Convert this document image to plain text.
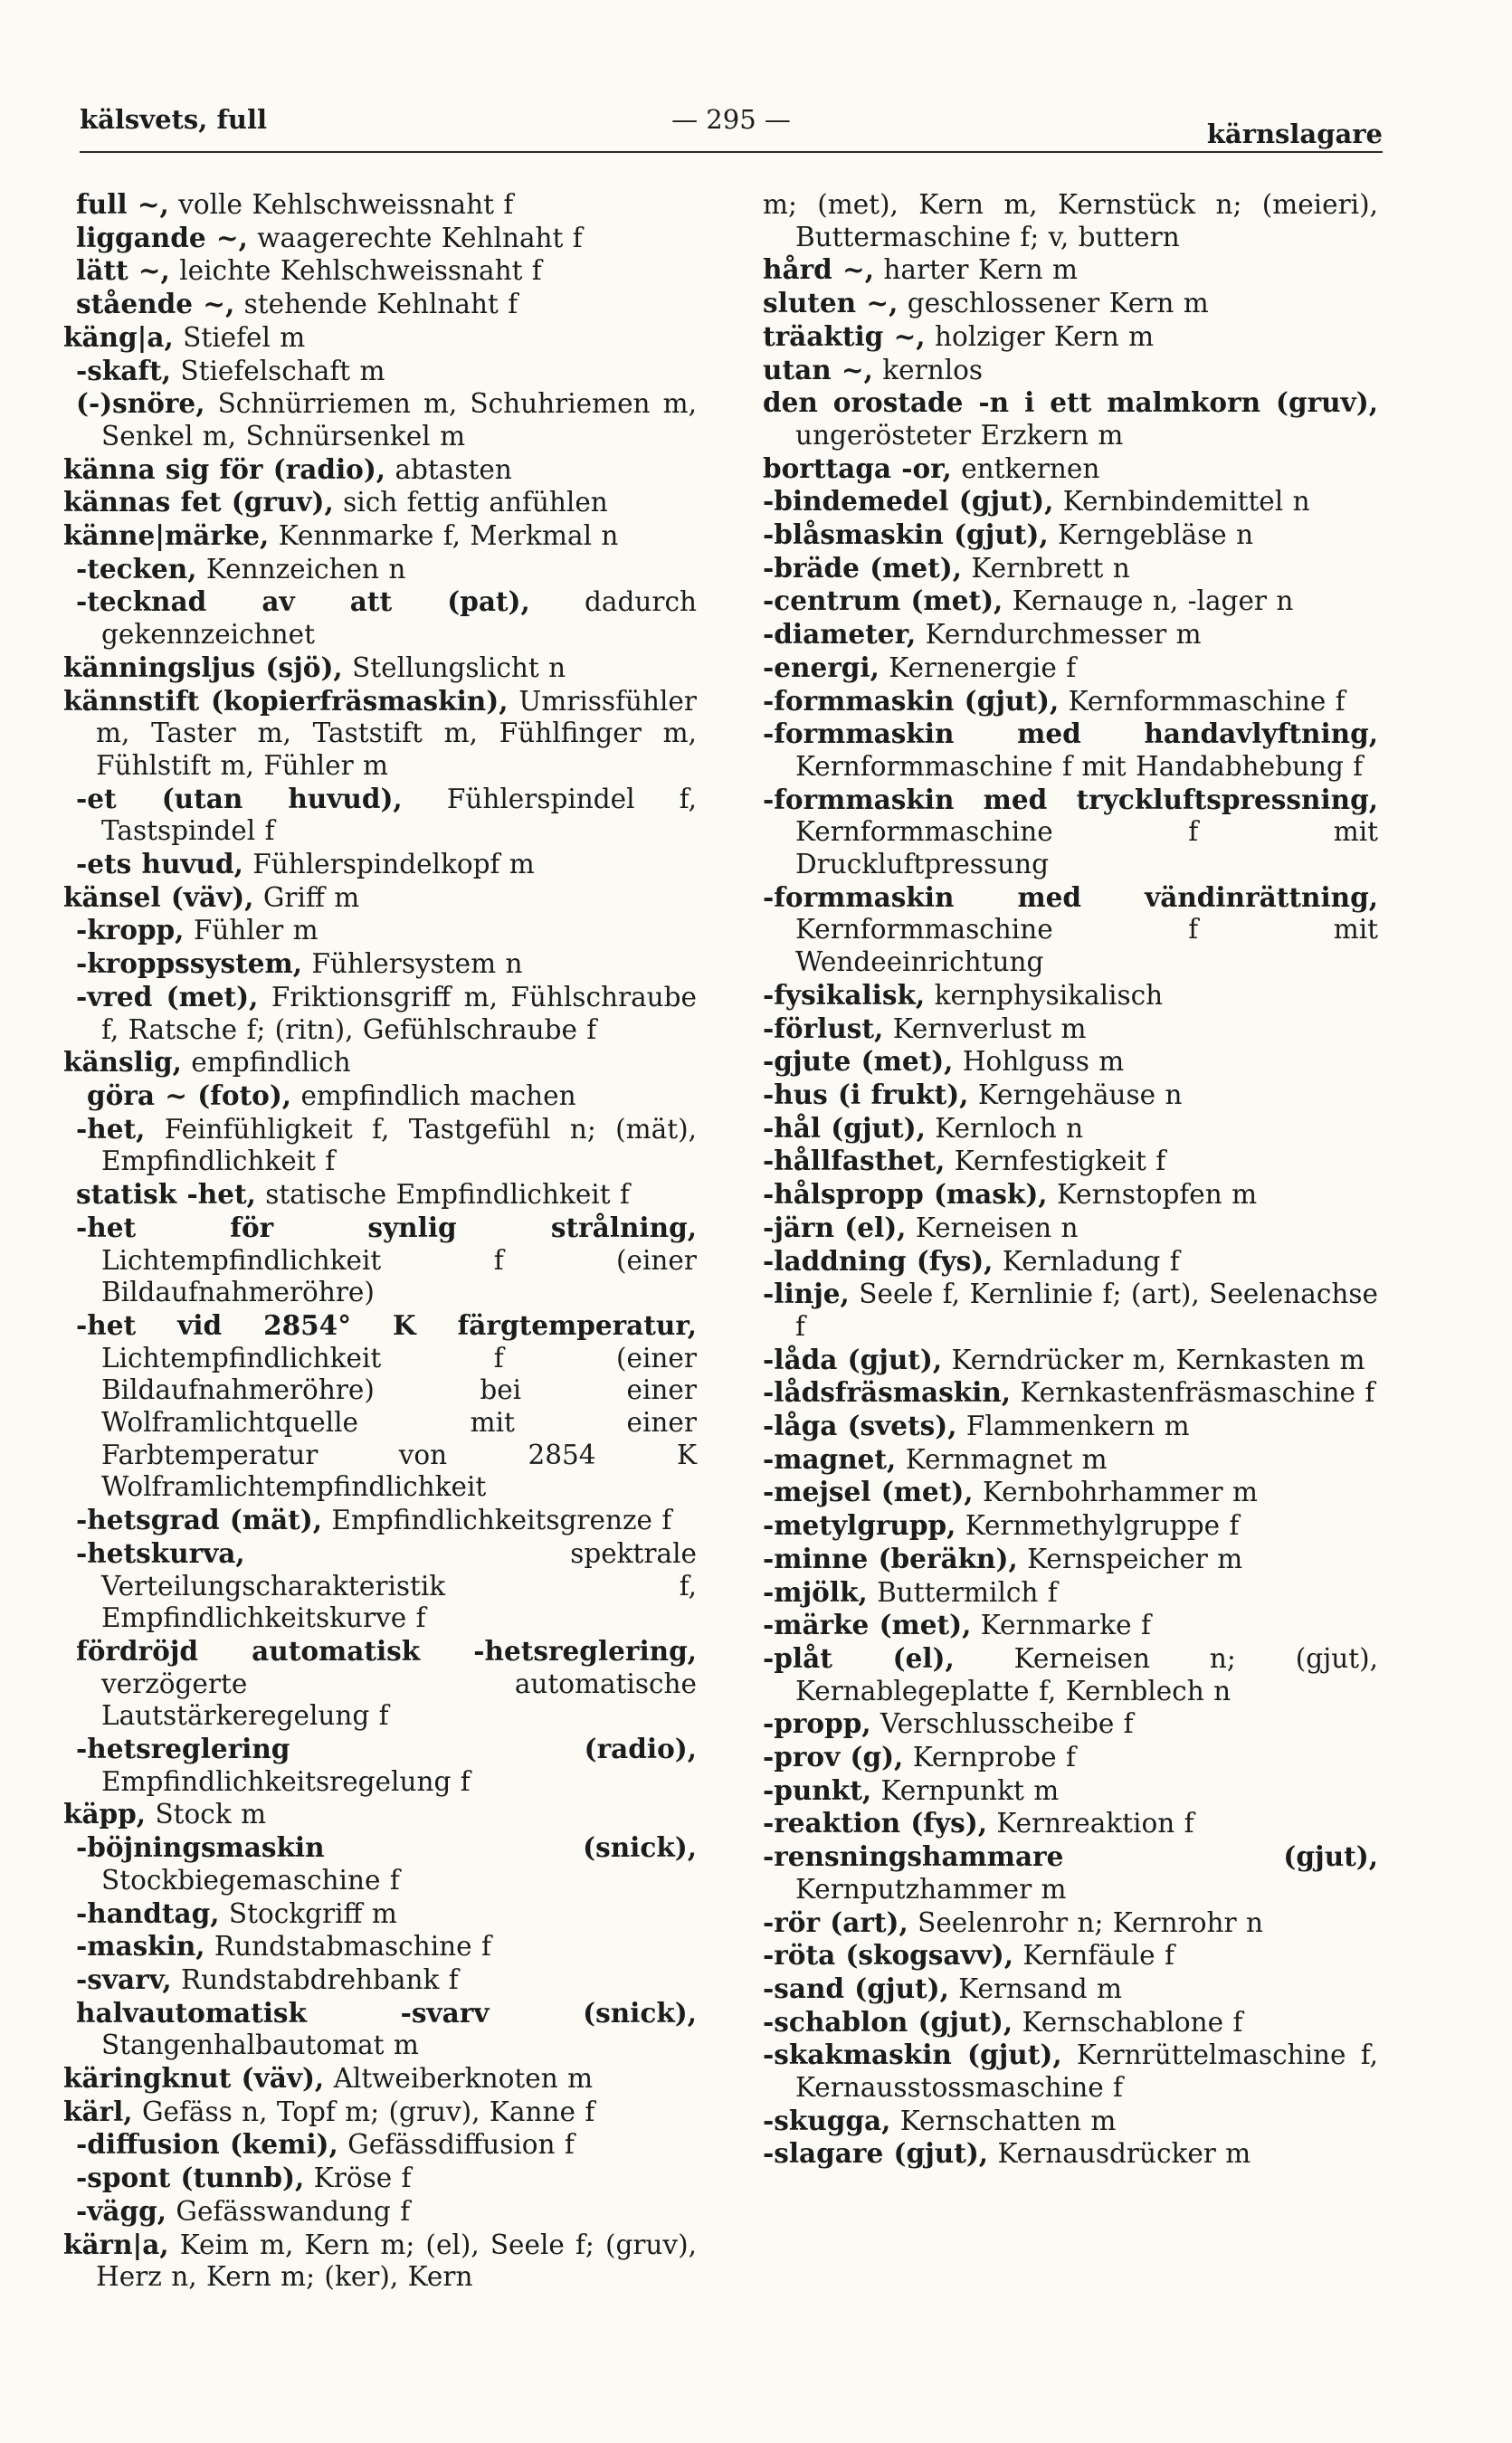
kälsvets, full	— 295 —	kärnslagare

full ~, volle Kehlschweissnaht f

liggande ~, waagerechte Kehlnaht f

lätt ~, leichte Kehlschweissnaht f

stående ~, stehende Kehlnaht f

käng|a, Stiefel m

-skaft, Stiefelschaft m

(-)snöre, Schnürriemen m, Schuhriemen m, Senkel m, Schnürsenkel m

känna sig för (radio), abtasten

kännas fet (gruv), sich fettig anfühlen

känne|märke, Kennmarke f, Merkmal n

-tecken, Kennzeichen n

-tecknad av att (pat), dadurch gekennzeichnet

känningsljus (sjö), Stellungslicht n

kännstift (kopierfräsmaskin), Umrissfühler m, Taster m, Taststift m, Fühlfinger m, Fühlstift m, Fühler m

-et (utan huvud), Fühlerspindel f, Tastspindel f

-ets huvud, Fühlerspindelkopf m

känsel (väv), Griff m

-kropp, Fühler m

-kroppssystem, Fühlersystem n

-vred (met), Friktionsgriff m, Fühlschraube f, Ratsche f; (ritn), Gefühlschraube f

känslig, empfindlich

göra ~ (foto), empfindlich machen

-het, Feinfühligkeit f, Tastgefühl n; (mät), Empfindlichkeit f

statisk -het, statische Empfindlichkeit f

-het för synlig strålning, Lichtempfindlichkeit f (einer Bildaufnahmeröhre)

-het vid 2854° K färgtemperatur, Lichtempfindlichkeit f (einer Bildaufnahmeröhre) bei einer Wolframlichtquelle mit einer Farbtemperatur von 2854 K Wolframlichtempfindlichkeit

-hetsgrad (mät), Empfindlichkeitsgrenze f

-hetskurva, spektrale Verteilungscharakteristik f, Empfindlichkeitskurve f

fördröjd automatisk -hetsreglering, verzögerte automatische Lautstärkeregelung f

-hetsreglering (radio), Empfindlichkeitsregelung f

käpp, Stock m

-böjningsmaskin (snick), Stockbiegemaschine f

-handtag, Stockgriff m

-maskin, Rundstabmaschine f

-svarv, Rundstabdrehbank f

halvautomatisk -svarv (snick), Stangenhalbautomat m

käringknut (väv), Altweiberknoten m

kärl, Gefäss n, Topf m; (gruv), Kanne f

-diffusion (kemi), Gefässdiffusion f

-spont (tunnb), Kröse f

-vägg, Gefässwandung f

kärn|a, Keim m, Kern m; (el), Seele f; (gruv), Herz n, Kern m; (ker), Kern

m; (met), Kern m, Kernstück n; (meieri), Buttermaschine f; v, buttern

hård ~, harter Kern m

sluten ~, geschlossener Kern m

träaktig ~, holziger Kern m

utan ~, kernlos

den orostade -n i ett malmkorn (gruv), ungerösteter Erzkern m

borttaga -or, entkernen

-bindemedel (gjut), Kernbindemittel n

-blåsmaskin (gjut), Kerngebläse n

-bräde (met), Kernbrett n

-centrum (met), Kernauge n, -lager n

-diameter, Kerndurchmesser m

-energi, Kernenergie f

-formmaskin (gjut), Kernformmaschine f

-formmaskin med handavlyftning, Kernformmaschine f mit Handabhebung f

-formmaskin med tryckluftspressning, Kernformmaschine f mit Druckluftpressung

-formmaskin med vändinrättning, Kernformmaschine f mit Wendeeinrichtung

-fysikalisk, kernphysikalisch

-förlust, Kernverlust m

-gjute (met), Hohlguss m

-hus (i frukt), Kerngehäuse n

-hål (gjut), Kernloch n

-hållfasthet, Kernfestigkeit f

-hålspropp (mask), Kernstopfen m

-järn (el), Kerneisen n

-laddning (fys), Kernladung f

-linje, Seele f, Kernlinie f; (art), Seelenachse f

-låda (gjut), Kerndrücker m, Kernkasten m

-lådsfräsmaskin, Kernkastenfräsmaschine f

-låga (svets), Flammenkern m

-magnet, Kernmagnet m

-mejsel (met), Kernbohrhammer m

-metylgrupp, Kernmethylgruppe f

-minne (beräkn), Kernspeicher m

-mjölk, Buttermilch f

-märke (met), Kernmarke f

-plåt (el), Kerneisen n; (gjut), Kernablegeplatte f, Kernblech n

-propp, Verschlusscheibe f

-prov (g), Kernprobe f

-punkt, Kernpunkt m

-reaktion (fys), Kernreaktion f

-rensningshammare (gjut), Kernputzhammer m

-rör (art), Seelenrohr n; Kernrohr n

-röta (skogsavv), Kernfäule f

-sand (gjut), Kernsand m

-schablon (gjut), Kernschablone f

-skakmaskin (gjut), Kernrüttelmaschine f, Kernausstossmaschine f

-skugga, Kernschatten m

-slagare (gjut), Kernausdrücker m
